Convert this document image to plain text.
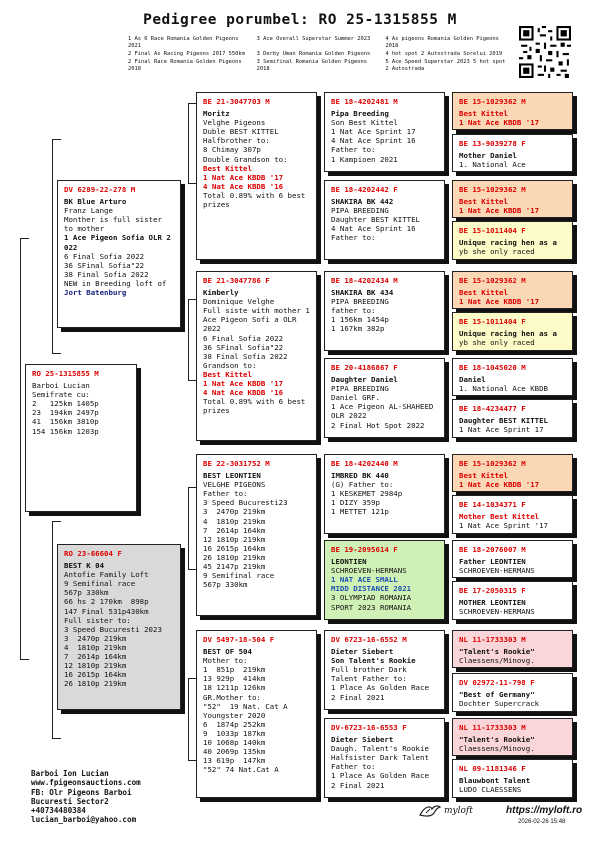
Pedigree porumbel: RO 25-1315855 M
1 As 6 Race Romania Golden Pigeons 2021
3 Ace Overall Superstar Summer 2023	4 As pigeons Romania Golden Pigeons 2018
2 Final As Racing Pigeons 2017 550km	3 Derby Uman Romania Golden Pigeons	4 hot spot 2 Autostrada Sorelui 2019
2 Final Race Romania Golden Pigeons 2018
3 Semifinal Romania Golden Pigeons 2018
5 Ace Speed Superstar 2023 5 hot spot 2 Autostrada
RO 25-1315855 M
Barboi Lucian
Semifrate cu:
2   125km 1405p
23  194km 2497p
41  156km 3810p
154 156km 1203p
DV 6289-22-278 M
BK Blue Arturo
Franz Lange
Monther is full sister to mother
1 Ace Pigeon Sofia OLR 2 022
6 Final Sofia 2022
36 SFinal Sofia"22
38 Final Sofia 2022
NEW in Breeding loft of
Jort Batenburg
RO 23-66604 F
BEST K 04
Antofie Family Loft
9 Semifinal race
567p 330km
66 hs 2 170km  898p
147 Final 531p430km
Full sister to:
3 Speed Bucuresti 2023
3  2470p 219km
4  1810p 219km
7  2614p 164km
12 1810p 219km
16 2615p 164km
26 1810p 219km
BE 21-3047703 M
Moritz
Velghe Pigeons
Duble BEST KITTEL
Halfbrother to:
8 Chimay 307p
Double Grandson to:
Best Kittel
1 Nat Ace KBDB '17
4 Nat Ace KBDB '16
Total 0.89% with 6 best prizes
BE 21-3047786 F
Kimberly
Dominique Velghe
Full siste with mother 1 Ace Pigeon Sofi a OLR 2022
6 Final Sofia 2022
36 SFinal Sofia"22
38 Final Sofia 2022
Grandson to:
Best Kittel
1 Nat Ace KBDB '17
4 Nat Ace KBDB '16
Total 0.89% with 6 best prizes
BE 22-3031752 M
BEST LEONTIEN
VELGHE PIGEONS
Father to:
3 Speed Bucuresti23
3  2470p 219km
4  1810p 219km
7  2614p 164km
12 1810p 219km
16 2615p 164km
26 1810p 219km
45 2147p 219km
9 Semifinal race
567p 330km
DV 5497-18-504 F
BEST OF 504
Mother to:
1  851p  219km
13 929p  414km
18 1211p 126km
GR.Mother to:
"52"  19 Nat. Cat A
Youngster 2020
6  1874p 252km
9  1033p 187km
10 1068p 140km
40 2069p 135km
13 619p  147km
"52" 74 Nat.Cat A
BE 18-4202481 M
Pipa Breeding
Son Best Kittel
1 Nat Ace Sprint 17
4 Nat Ace Sprint 16
Father to:
1 Kampioen 2021
BE 18-4202442 F
SHAKIRA BK 442
PIPA BREEDING
Daughter BEST KITTEL
4 Nat Ace Sprint 16
Father to:
BE 18-4202434 M
SHAKIRA BK 434
PIPA BREEDING
father to:
1 156km 1454p
1 167km 382p
BE 20-4186867 F
Daughter Daniel
PIPA BREEDING
Daniel GRF.
1 Ace Pigeon AL-SHAHEED OLR 2022
2 Final Hot Spot 2022
BE 18-4202440 M
IMBRED BK 440
(G) Father to:
1 KESKEMET 2984p
1 DIZY 359p
1 METTET 121p
BE 19-2095614 F
LEONTIEN
SCHROEVEN-HERMANS
1 NAT ACE SMALL
MIDD DISTANCE 2021
3 OLYMPIAD ROMANIA
SPORT 2023 ROMANIA
DV 6723-16-6552 M
Dieter Siebert
Son Talent's Rookie
Full brother Dark
Talent Father to:
1 Place As Golden Race
2 Final 2021
DV-6723-16-6553 F
Dieter Siebert
Daugh. Talent's Rookie
Halfsister Dark Talent
Father to:
1 Place As Golden Race
2 Final 2021
BE 15-1029362 M
Best Kittel
1 Nat Ace KBDB '17
BE 13-9039278 F
Mother Daniel
1. National Ace
BE 15-1029362 M
Best Kittel
1 Nat Ace KBDB '17
BE 15-1011404 F
Unique racing hen as a
yb she only raced
BE 15-1029362 M
Best Kittel
1 Nat Ace KBDB '17
BE 15-1011404 F
Unique racing hen as a
yb she only raced
BE 18-1045020 M
Daniel
1. National Ace KBDB
BE 18-4234477 F
Daughter BEST KITTEL
1 Nat Ace Sprint 17
BE 15-1029362 M
Best Kittel
1 Nat Ace KBDB '17
BE 14-1034371 F
Mother Best Kittel
1 Nat Ace Sprint '17
BE 18-2076007 M
Father LEONTIEN
SCHROEVEN-HERMANS
BE 17-2050315 F
MOTHER LEONTIEN
SCHROEVEN-HERMANS
NL 11-1733303 M
"Talent's Rookie"
Claessens/Minovg.
DV 02972-11-798 F
"Best of Germany"
Dochter Supercrack
NL 11-1733303 M
"Talent's Rookie"
Claessens/Minovg.
NL 09-1181346 F
Blauwbont Talent
LUDO CLAESSENS
Barboi Ion Lucian
www.fpigeonsauctions.com
FB: Olr Pigeons Barboi
Bucuresti Sector2
+40734480384
lucian_barboi@yahoo.com
myloft	https://myloft.ro
2026-02-26 15:48
